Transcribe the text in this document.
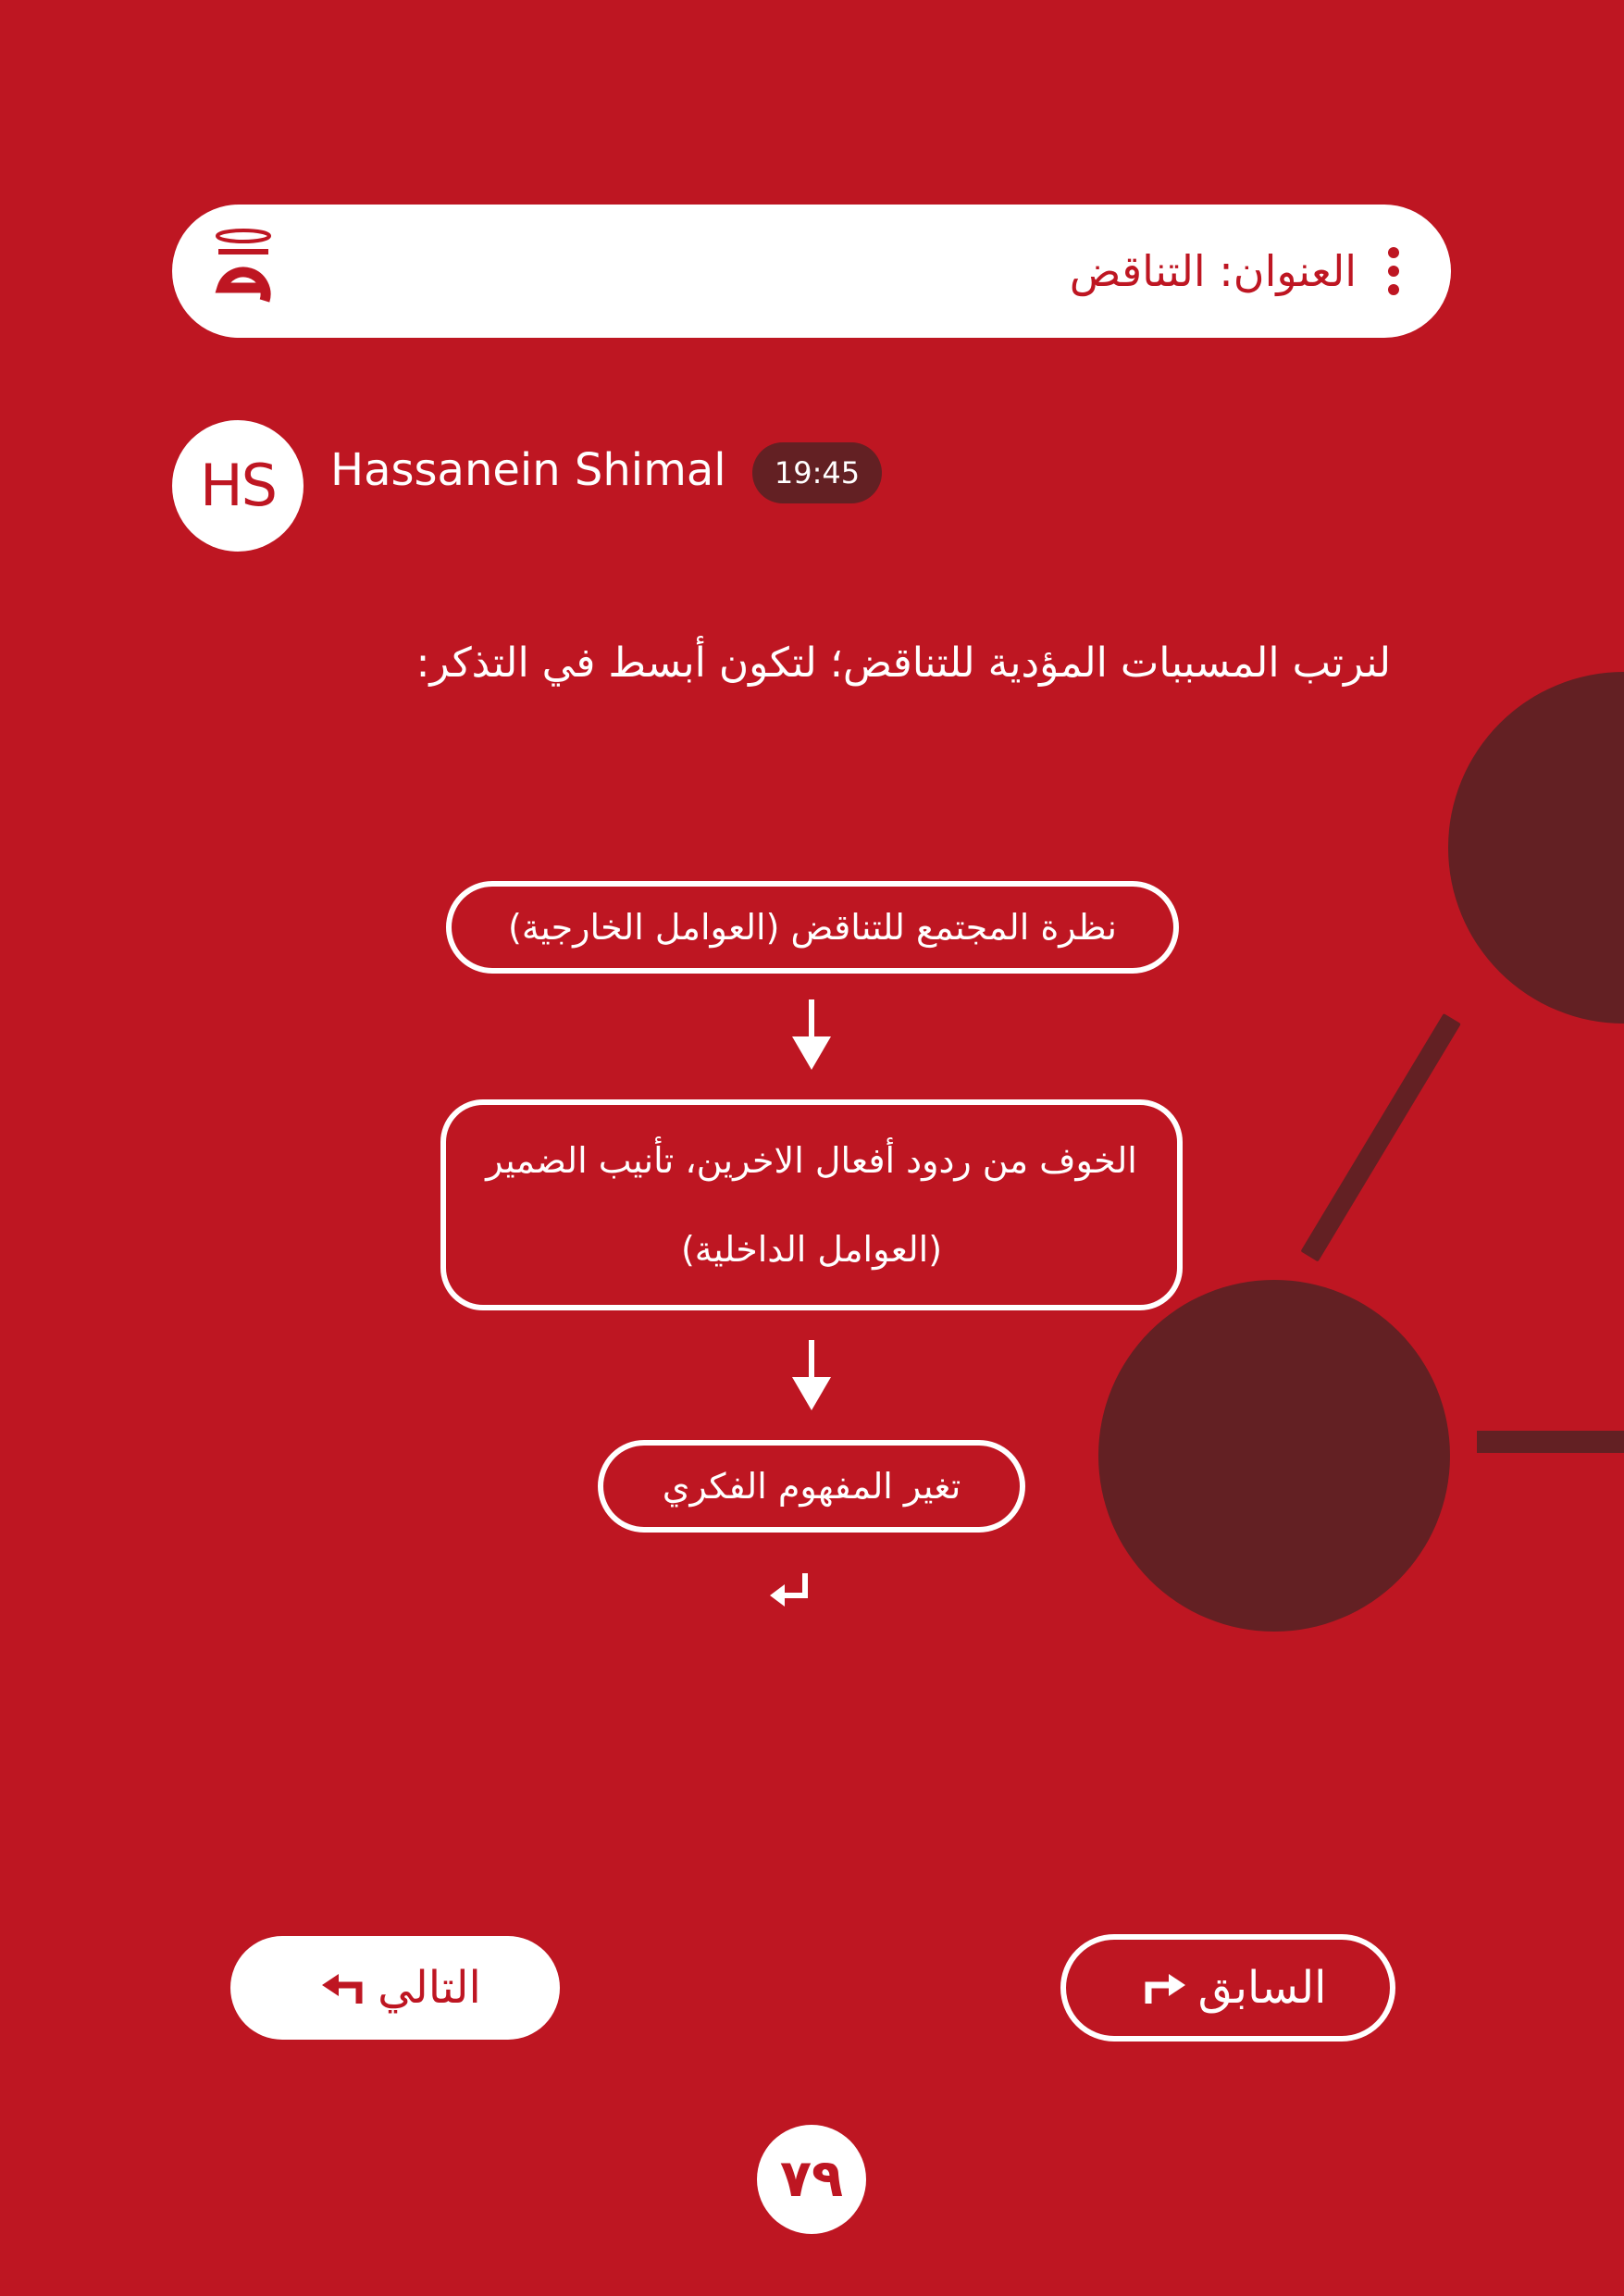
العنوان: التناقض
HS	Hassanein Shimal	19:45
لنرتب المسببات المؤدية للتناقض؛ لتكون أبسط في التذكر:
نظرة المجتمع للتناقض (العوامل الخارجية)
الخوف من ردود أفعال الاخرين، تأنيب الضمير
(العوامل الداخلية)
تغير المفهوم الفكري
التالي	السابق
٧٩
